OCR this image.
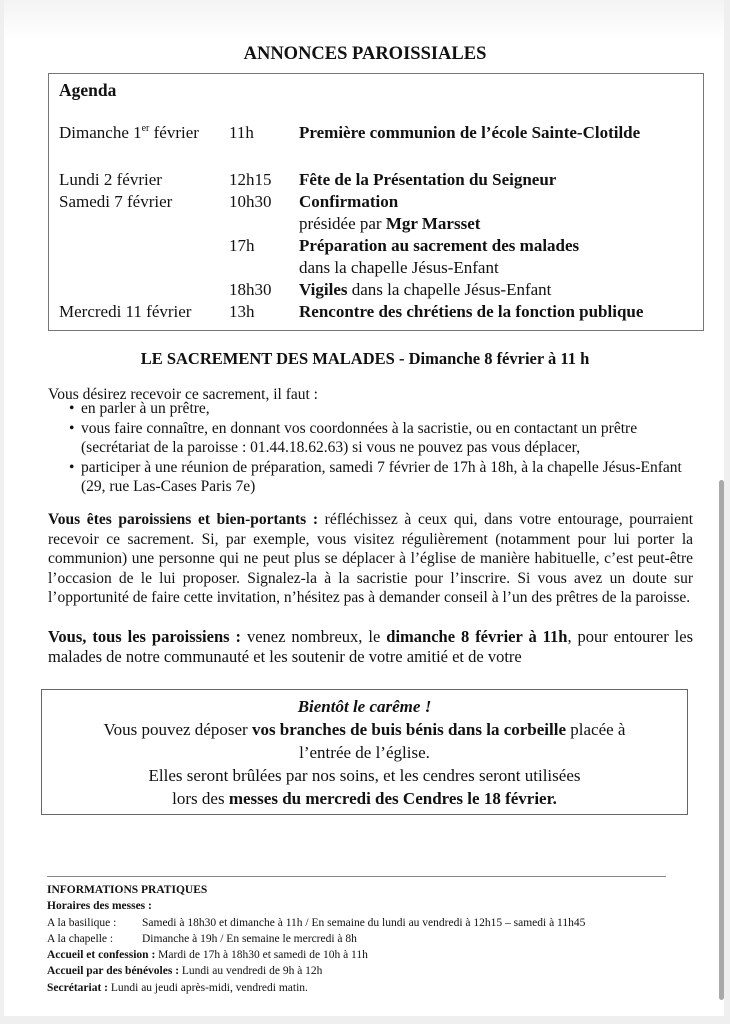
ANNONCES PAROISSIALES
Agenda
Dimanche 1er février 11h	Première communion de l’école Sainte-Clotilde
Lundi 2 février	12h15 Fête de la Présentation du Seigneur
Samedi 7 février	10h30 Confirmation
présidée par Mgr Marsset
17h	Préparation au sacrement des malades
dans la chapelle Jésus-Enfant
18h30 Vigiles dans la chapelle Jésus-Enfant
Mercredi 11 février 13h	Rencontre des chrétiens de la fonction publique
LE SACREMENT DES MALADES - Dimanche 8 février à 11 h
Vous désirez recevoir ce sacrement, il faut :
• en parler à un prêtre,
• vous faire connaître, en donnant vos coordonnées à la sacristie, ou en contactant un prêtre (secrétariat de la paroisse : 01.44.18.62.63) si vous ne pouvez pas vous déplacer,
• participer à une réunion de préparation, samedi 7 février de 17h à 18h, à la chapelle Jésus-Enfant (29, rue Las-Cases Paris 7e)
Vous êtes paroissiens et bien-portants : réfléchissez à ceux qui, dans votre entourage, pourraient recevoir ce sacrement. Si, par exemple, vous visitez régulièrement (notamment pour lui porter la communion) une personne qui ne peut plus se déplacer à l’église de manière habituelle, c’est peut-être l’occasion de le lui proposer. Signalez-la à la sacristie pour l’inscrire. Si vous avez un doute sur l’opportunité de faire cette invitation, n’hésitez pas à demander conseil à l’un des prêtres de la paroisse.
Vous, tous les paroissiens : venez nombreux, le dimanche 8 février à 11h, pour entourer les malades de notre communauté et les soutenir de votre amitié et de votre
Bientôt le carême !
Vous pouvez déposer vos branches de buis bénis dans la corbeille placée à
l’entrée de l’église.
Elles seront brûlées par nos soins, et les cendres seront utilisées
lors des messes du mercredi des Cendres le 18 février.
INFORMATIONS PRATIQUES
Horaires des messes :
A la basilique : Samedi à 18h30 et dimanche à 11h / En semaine du lundi au vendredi à 12h15 – samedi à 11h45
A la chapelle :	Dimanche à 19h / En semaine le mercredi à 8h
Accueil et confession : Mardi de 17h à 18h30 et samedi de 10h à 11h
Accueil par des bénévoles : Lundi au vendredi de 9h à 12h
Secrétariat : Lundi au jeudi après-midi, vendredi matin.
